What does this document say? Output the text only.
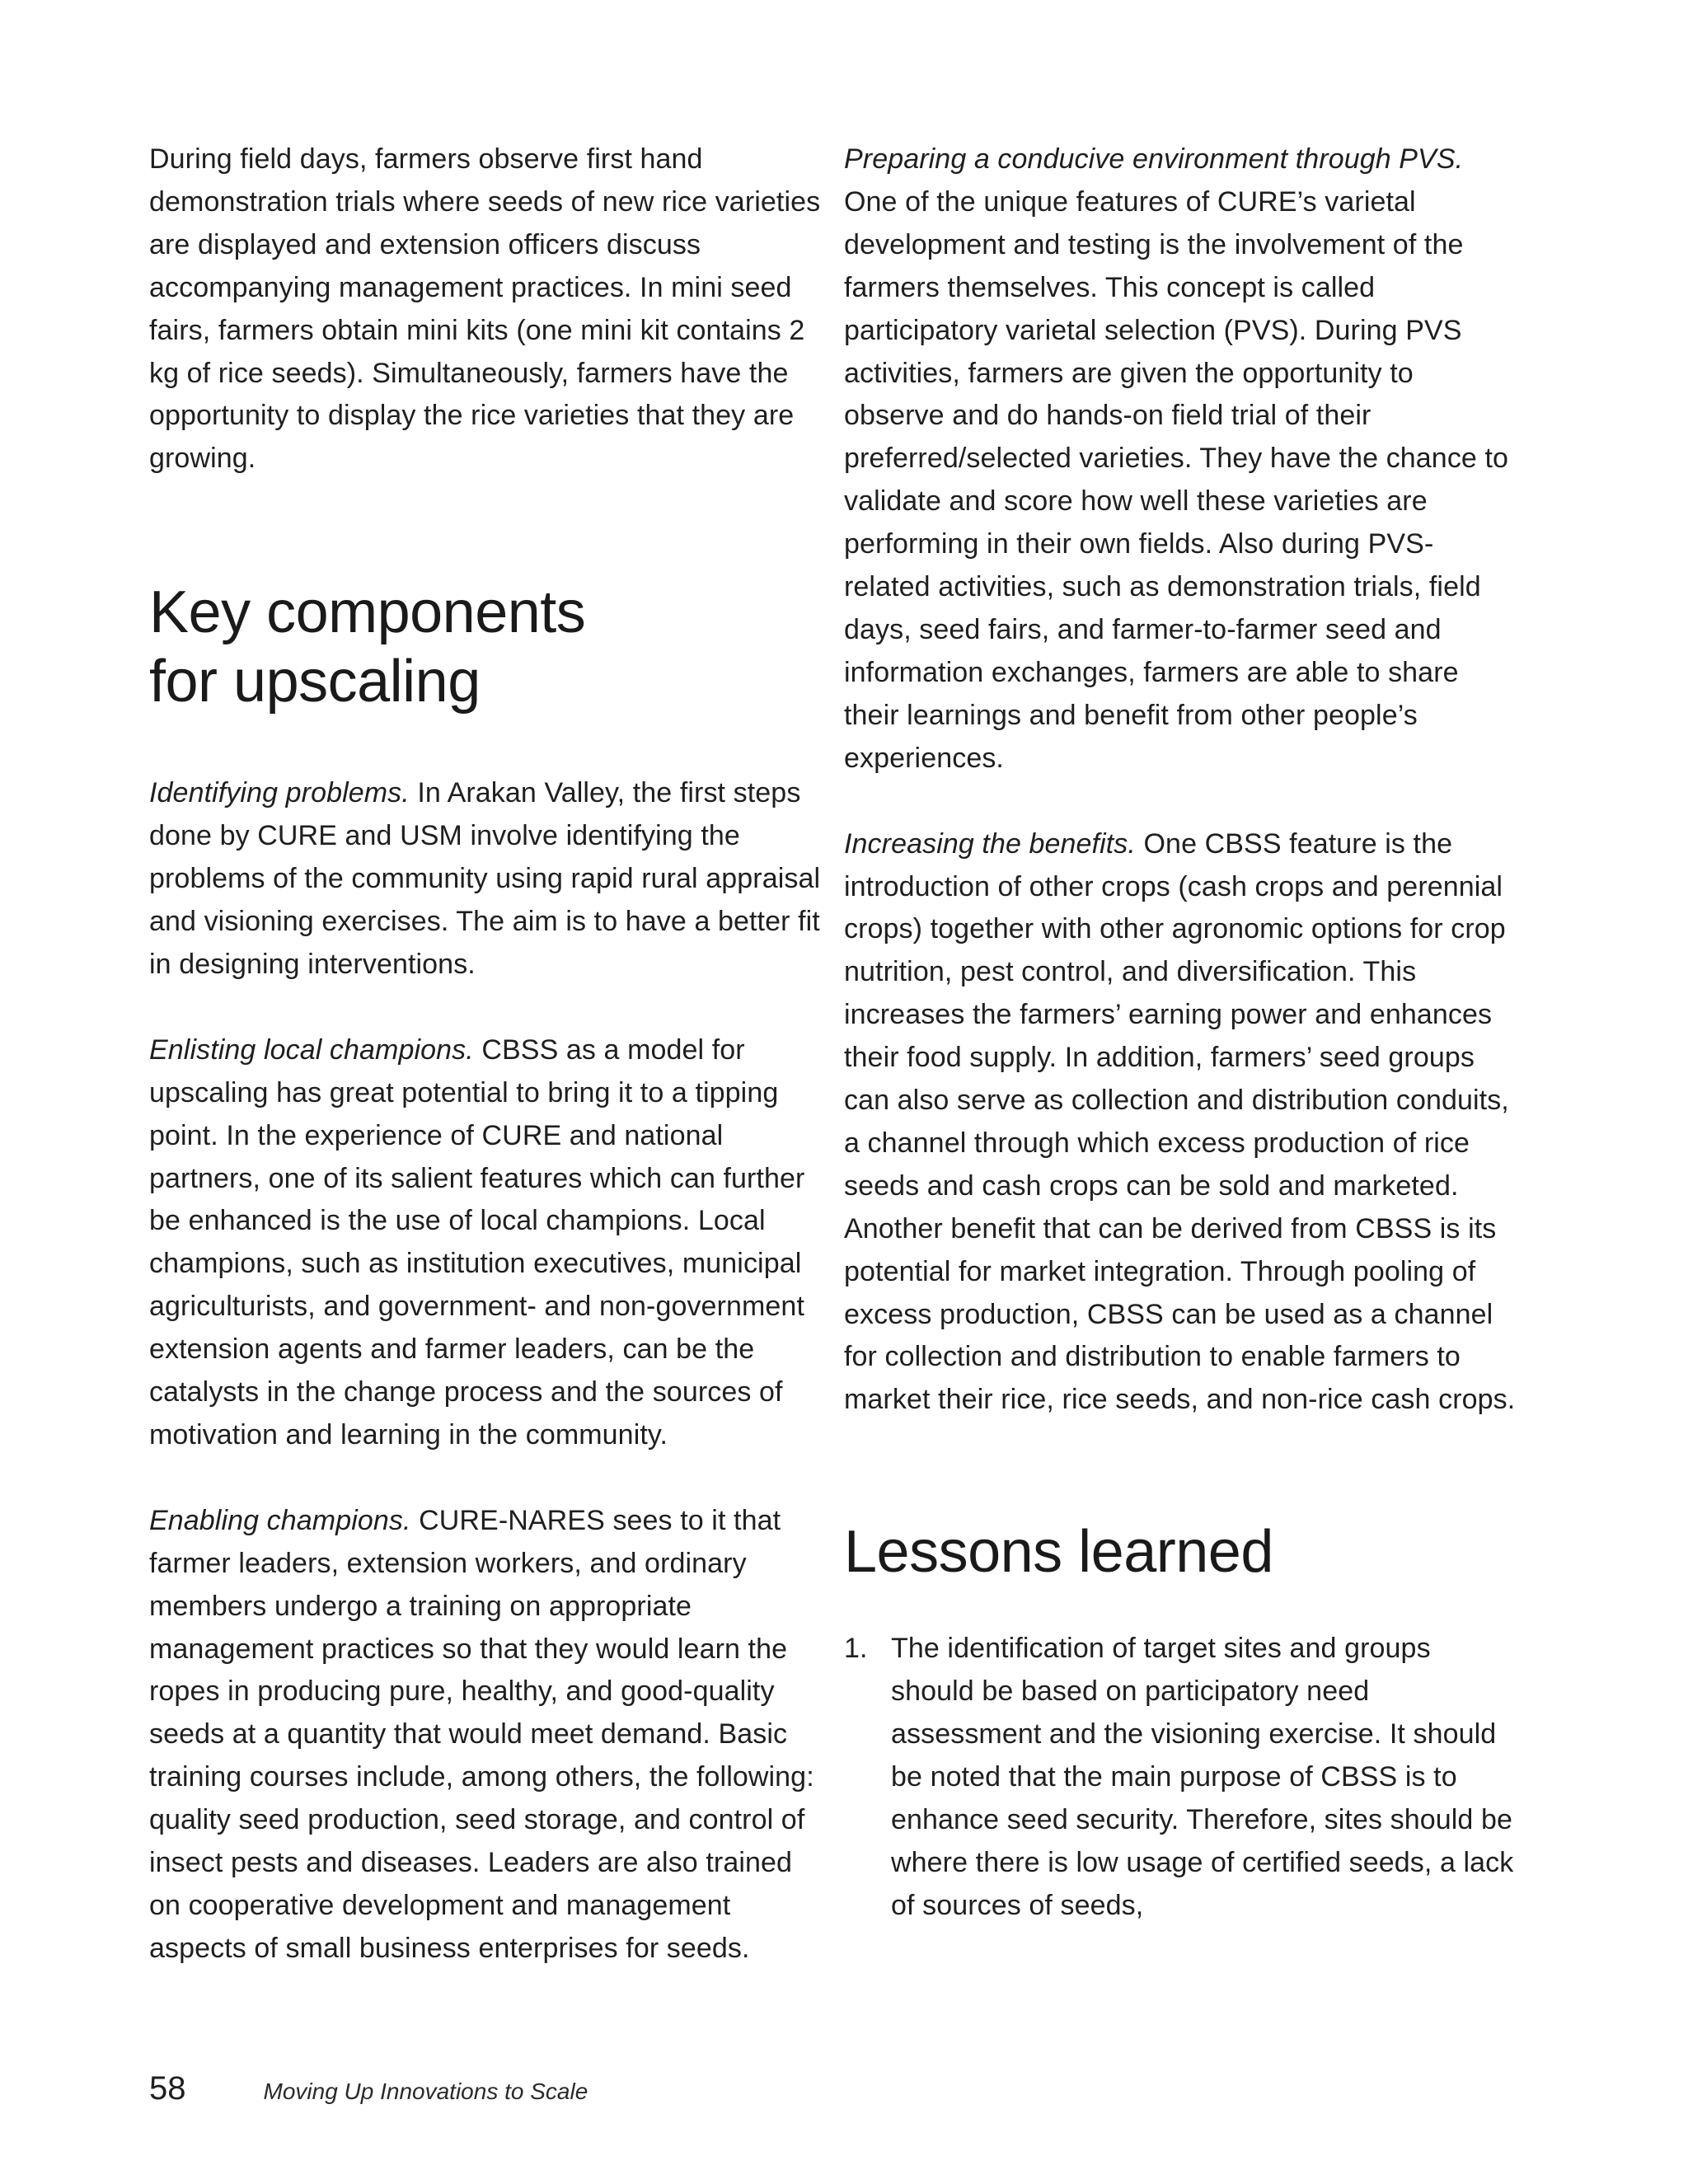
During field days, farmers observe first hand demonstration trials where seeds of new rice varieties are displayed and extension officers discuss accompanying management practices. In mini seed fairs, farmers obtain mini kits (one mini kit contains 2 kg of rice seeds). Simultaneously, farmers have the opportunity to display the rice varieties that they are growing.

Key components
for upscaling

Identifying problems. In Arakan Valley, the first steps done by CURE and USM involve identifying the problems of the community using rapid rural appraisal and visioning exercises. The aim is to have a better fit in designing interventions.

Enlisting local champions. CBSS as a model for upscaling has great potential to bring it to a tipping point. In the experience of CURE and national partners, one of its salient features which can further be enhanced is the use of local champions. Local champions, such as institution executives, municipal agriculturists, and government- and non-government extension agents and farmer leaders, can be the catalysts in the change process and the sources of motivation and learning in the community.

Enabling champions. CURE-NARES sees to it that farmer leaders, extension workers, and ordinary members undergo a training on appropriate management practices so that they would learn the ropes in producing pure, healthy, and good-quality seeds at a quantity that would meet demand. Basic training courses include, among others, the following: quality seed production, seed storage, and control of insect pests and diseases. Leaders are also trained on cooperative development and management aspects of small business enterprises for seeds.

Preparing a conducive environment through PVS. One of the unique features of CURE’s varietal development and testing is the involvement of the farmers themselves. This concept is called participatory varietal selection (PVS). During PVS activities, farmers are given the opportunity to observe and do hands-on field trial of their preferred/selected varieties. They have the chance to validate and score how well these varieties are performing in their own fields. Also during PVS-related activities, such as demonstration trials, field days, seed fairs, and farmer-to-farmer seed and information exchanges, farmers are able to share their learnings and benefit from other people’s experiences.

Increasing the benefits. One CBSS feature is the introduction of other crops (cash crops and perennial crops) together with other agronomic options for crop nutrition, pest control, and diversification. This increases the farmers’ earning power and enhances their food supply. In addition, farmers’ seed groups can also serve as collection and distribution conduits, a channel through which excess production of rice seeds and cash crops can be sold and marketed. Another benefit that can be derived from CBSS is its potential for market integration. Through pooling of excess production, CBSS can be used as a channel for collection and distribution to enable farmers to market their rice, rice seeds, and non-rice cash crops.

Lessons learned
1. The identification of target sites and groups should be based on participatory need assessment and the visioning exercise. It should be noted that the main purpose of CBSS is to enhance seed security. Therefore, sites should be where there is low usage of certified seeds, a lack of sources of seeds,
58	Moving Up Innovations to Scale
